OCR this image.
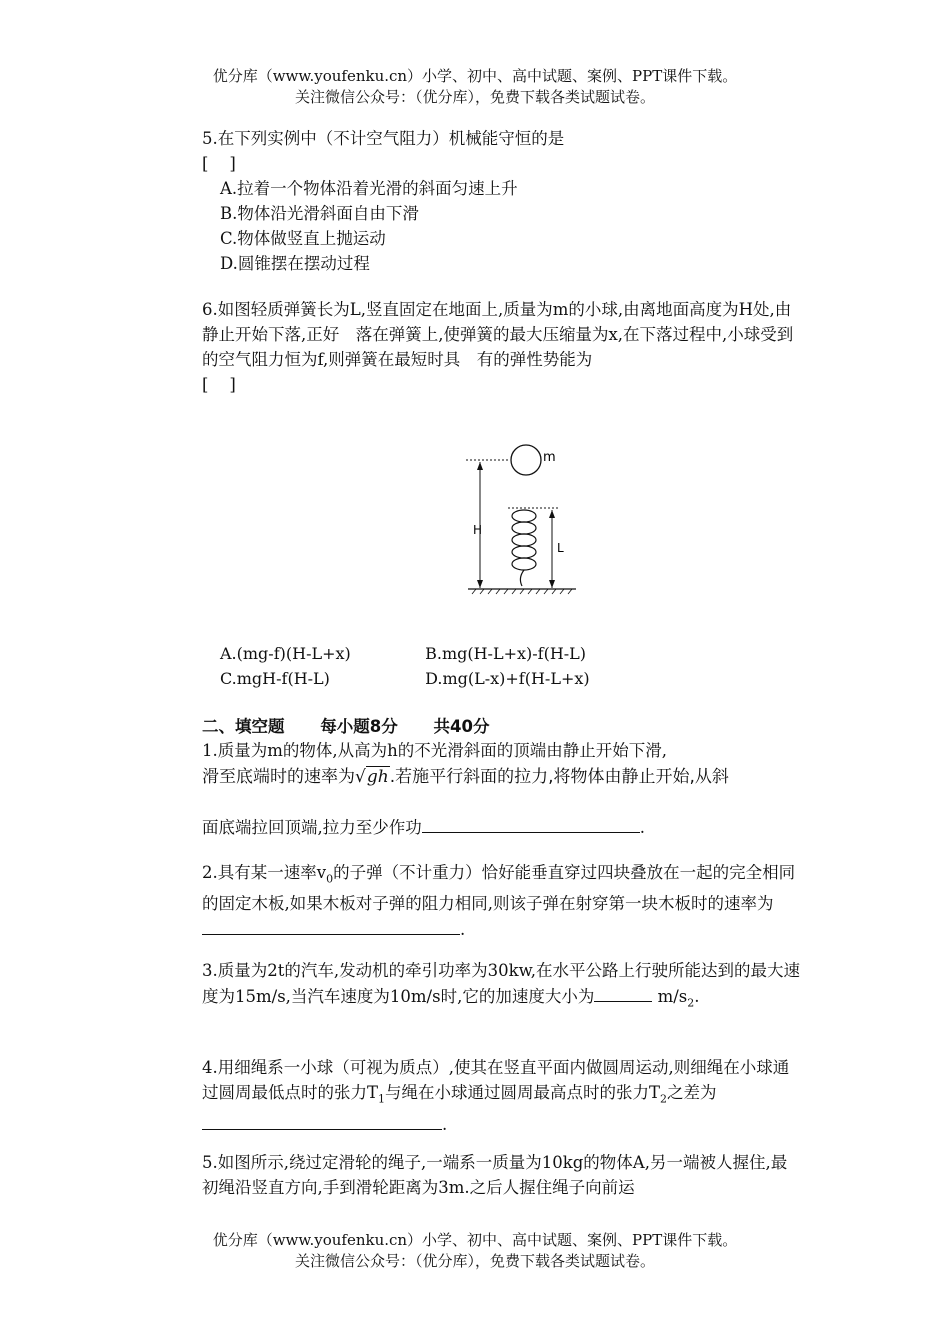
优分库（www.youfenku.cn）小学、初中、高中试题、案例、PPT课件下载。
关注微信公众号：（优分库），免费下载各类试题试卷。

5.在下列实例中（不计空气阻力）机械能守恒的是

[    ]

A.拉着一个物体沿着光滑的斜面匀速上升

B.物体沿光滑斜面自由下滑

C.物体做竖直上抛运动

D.圆锥摆在摆动过程

6.如图轻质弹簧长为L,竖直固定在地面上,质量为m的小球,由离地面高度为H处,由静止开始下落,正好　落在弹簧上,使弹簧的最大压缩量为x,在下落过程中,小球受到的空气阻力恒为f,则弹簧在最短时具　有的弹性势能为

[    ]

m
H
L
A.(mg-f)(H-L+x)	B.mg(H-L+x)-f(H-L)
C.mgH-f(H-L)	D.mg(L-x)+f(H-L+x)
二、填空题 每小题8分 共40分

1.质量为m的物体,从高为h的不光滑斜面的顶端由静止开始下滑,

滑至底端时的速率为√gh.若施平行斜面的拉力,将物体由静止开始,从斜

面底端拉回顶端,拉力至少作功	.

2.具有某一速率$v_0$的子弹（不计重力）恰好能垂直穿过四块叠放在一起的完全相同的固定木板,如果木板对子弹的阻力相同,则该子弹在射穿第一块木板时的速率为.

3.质量为2t的汽车,发动机的牵引功率为30kw,在水平公路上行驶所能达到的最大速度为15m/s,当汽车速度为10m/s时,它的加速度大小为	$m/s_2$.

4.用细绳系一小球（可视为质点）,使其在竖直平面内做圆周运动,则细绳在小球通过圆周最低点时的张力$T_1$与绳在小球通过圆周最高点时的张力$T_2$之差为.

5.如图所示,绕过定滑轮的绳子,一端系一质量为10kg的物体A,另一端被人握住,最初绳沿竖直方向,手到滑轮距离为3m.之后人握住绳子向前运

优分库（www.youfenku.cn）小学、初中、高中试题、案例、PPT课件下载。
关注微信公众号：（优分库），免费下载各类试题试卷。
